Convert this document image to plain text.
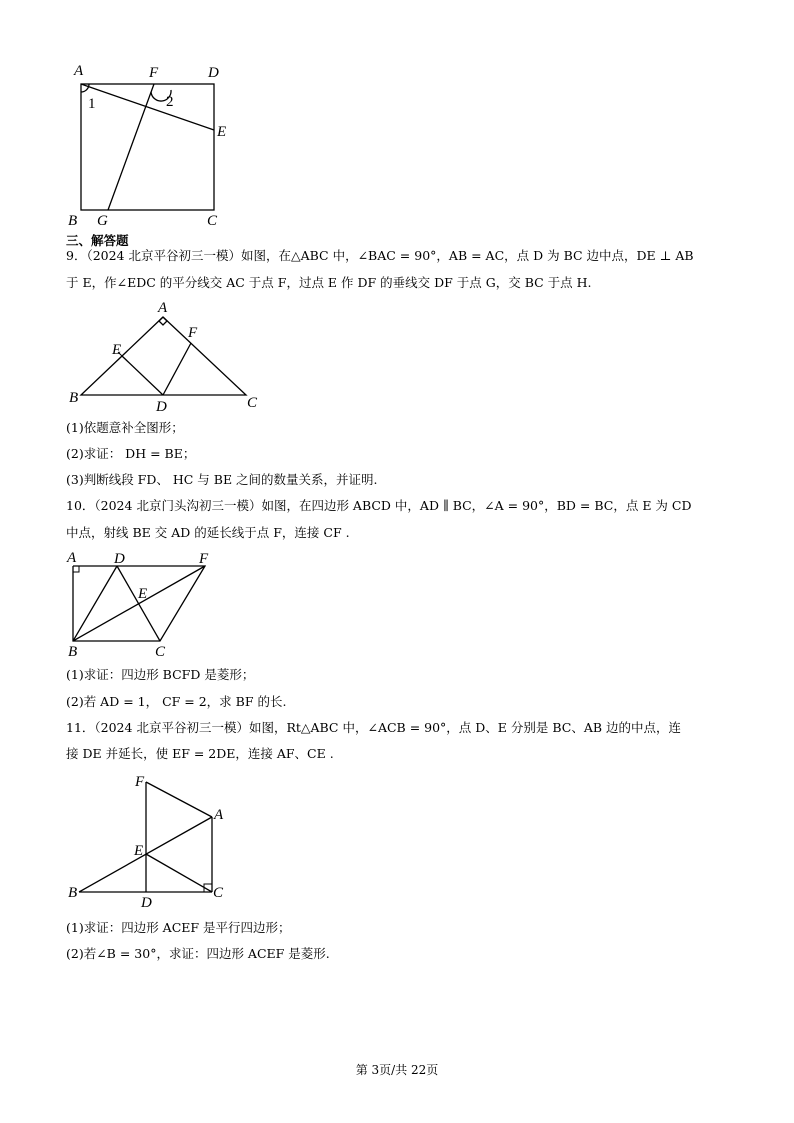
A	F	D
E
B G	C
1	2
三、解答题
9．（2024 北京平谷初三一模）如图，在△ABC 中，∠BAC = 90°，AB = AC，点 D 为 BC 边中点，DE ⊥ AB
于 E，作∠EDC 的平分线交 AC 于点 F，过点 E 作 DF 的垂线交 DF 于点 G，交 BC 于点 H.
A
E
F
B
D	C
(1)依题意补全图形；
(2)求证： DH = BE；
(3)判断线段 FD、 HC 与 BE 之间的数量关系，并证明.
10．（2024 北京门头沟初三一模）如图，在四边形 ABCD 中，AD ∥ BC，∠A = 90°，BD = BC，点 E 为 CD
中点，射线 BE 交 AD 的延长线于点 F，连接 CF .
A	D	F
E
B	C
(1)求证：四边形 BCFD 是菱形；
(2)若 AD = 1， CF = 2，求 BF 的长.
11．（2024 北京平谷初三一模）如图，Rt△ABC 中，∠ACB = 90°，点 D、E 分别是 BC、AB 边的中点，连
接 DE 并延长，使 EF = 2DE，连接 AF、CE .
F
A
E
B
D
C
(1)求证：四边形 ACEF 是平行四边形；
(2)若∠B = 30°，求证：四边形 ACEF 是菱形.
第 3页/共 22页
